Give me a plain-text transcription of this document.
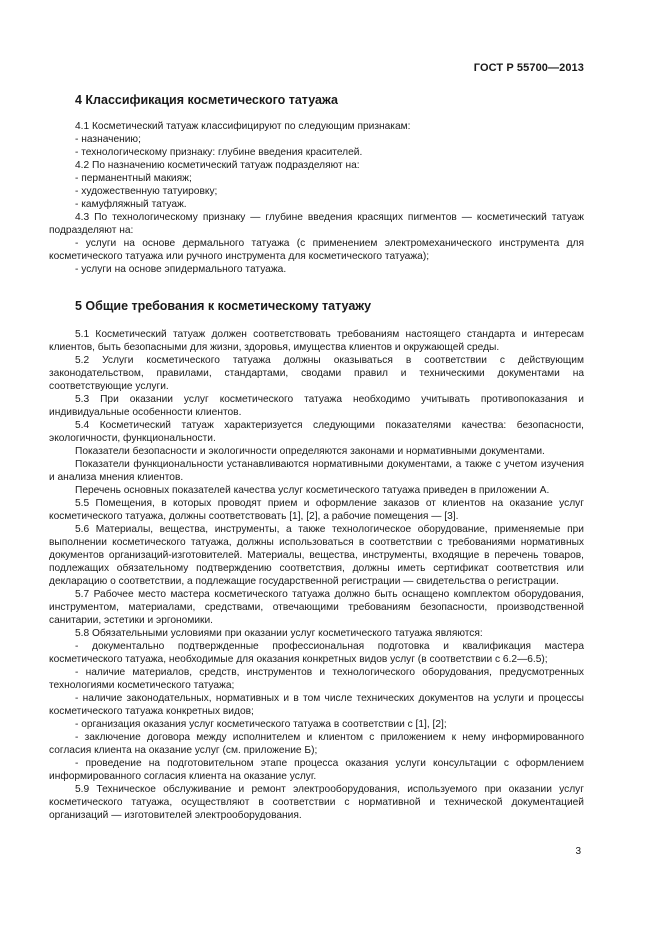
ГОСТ Р 55700—2013
4 Классификация косметического татуажа

4.1 Косметический татуаж классифицируют по следующим признакам:

- назначению;

- технологическому признаку: глубине введения красителей.

4.2 По назначению косметический татуаж подразделяют на:

- перманентный макияж;

- художественную татуировку;

- камуфляжный татуаж.

4.3 По технологическому признаку — глубине введения красящих пигментов — косметический татуаж подразделяют на:

- услуги на основе дермального татуажа (с применением электромеханического инструмента для косметического татуажа или ручного инструмента для косметического татуажа);

- услуги на основе эпидермального татуажа.

5 Общие требования к косметическому татуажу

5.1 Косметический татуаж должен соответствовать требованиям настоящего стандарта и интересам клиентов, быть безопасными для жизни, здоровья, имущества клиентов и окружающей среды.

5.2 Услуги косметического татуажа должны оказываться в соответствии с действующим законодательством, правилами, стандартами, сводами правил и техническими документами на соответствующие услуги.

5.3 При оказании услуг косметического татуажа необходимо учитывать противопоказания и индивидуальные особенности клиентов.

5.4 Косметический татуаж характеризуется следующими показателями качества: безопасности, экологичности, функциональности.

Показатели безопасности и экологичности определяются законами и нормативными документами.

Показатели функциональности устанавливаются нормативными документами, а также с учетом изучения и анализа мнения клиентов.

Перечень основных показателей качества услуг косметического татуажа приведен в приложении А.

5.5 Помещения, в которых проводят прием и оформление заказов от клиентов на оказание услуг косметического татуажа, должны соответствовать [1], [2], а рабочие помещения — [3].

5.6 Материалы, вещества, инструменты, а также технологическое оборудование, применяемые при выполнении косметического татуажа, должны использоваться в соответствии с требованиями нормативных документов организаций-изготовителей. Материалы, вещества, инструменты, входящие в перечень товаров, подлежащих обязательному подтверждению соответствия, должны иметь сертификат соответствия или декларацию о соответствии, а подлежащие государственной регистрации — свидетельства о регистрации.

5.7 Рабочее место мастера косметического татуажа должно быть оснащено комплектом оборудования, инструментом, материалами, средствами, отвечающими требованиям безопасности, производственной санитарии, эстетики и эргономики.

5.8 Обязательными условиями при оказании услуг косметического татуажа являются:

- документально подтвержденные профессиональная подготовка и квалификация мастера косметического татуажа, необходимые для оказания конкретных видов услуг (в соответствии с 6.2—6.5);

- наличие материалов, средств, инструментов и технологического оборудования, предусмотренных технологиями косметического татуажа;

- наличие законодательных, нормативных и в том числе технических документов на услуги и процессы косметического татуажа конкретных видов;

- организация оказания услуг косметического татуажа в соответствии с [1], [2];

- заключение договора между исполнителем и клиентом с приложением к нему информированного согласия клиента на оказание услуг (см. приложение Б);

- проведение на подготовительном этапе процесса оказания услуги консультации с оформлением информированного согласия клиента на оказание услуг.

5.9 Техническое обслуживание и ремонт электрооборудования, используемого при оказании услуг косметического татуажа, осуществляют в соответствии с нормативной и технической документацией организаций — изготовителей электрооборудования.

3
